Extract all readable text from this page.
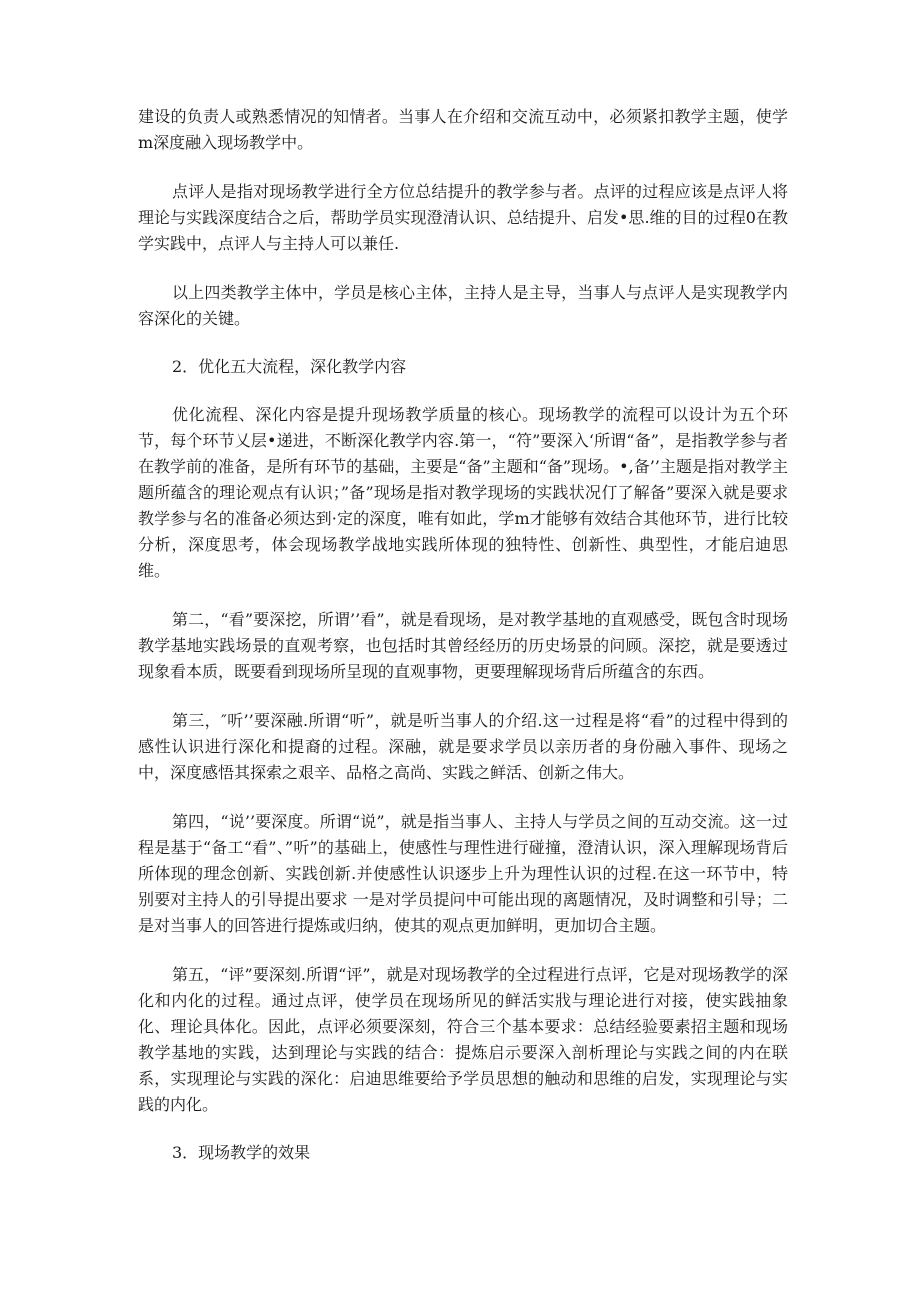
建设的负责人或熟悉情况的知情者。当事人在介绍和交流互动中，必须紧扣教学主题，使学m深度融入现场教学中。

点评人是指对现场教学进行全方位总结提升的教学参与者。点评的过程应该是点评人将理论与实践深度结合之后，帮助学员实现澄清认识、总结提升、启发•思.维的目的过程0在教学实践中，点评人与主持人可以兼任.

以上四类教学主体中，学员是核心主体，主持人是主导，当事人与点评人是实现教学内容深化的关键。

2．优化五大流程，深化教学内容

优化流程、深化内容是提升现场教学质量的核心。现场教学的流程可以设计为五个环节，每个环节乂层•递进，不断深化教学内容.第一，“符”要深入‘所谓“备”，是指教学参与者在教学前的准备，是所有环节的基础，主要是“备”主题和“备”现场。•,备’’主题是指对教学主题所蕴含的理论观点有认识；”备”现场是指对教学现场的实践状况仃了解备”要深入就是要求教学参与名的准备必须达到·定的深度，唯有如此，学m才能够有效结合其他环节，进行比较分析，深度思考，体会现场教学战地实践所体现的独特性、创新性、典型性，才能启迪思维。

第二，“看”要深挖，所谓’’看”，就是看现场，是对教学基地的直观感受，既包含时现场教学基地实践场景的直观考察，也包括时其曾经经历的历史场景的问顾。深挖，就是要透过现象看本质，既要看到现场所呈现的直观事物，更要理解现场背后所蕴含的东西。

第三，″听’’要深融.所谓“听”，就是听当事人的介绍.这一过程是将“看”的过程中得到的感性认识进行深化和提裔的过程。深融，就是要求学员以亲历者的身份融入事件、现场之中，深度感悟其探索之艰辛、品格之高尚、实践之鲜活、创新之伟大。

第四，“说’’要深度。所谓“说”，就是指当事人、主持人与学员之间的互动交流。这一过程是基于“备工“看”、”听”的基础上，使感性与理性进行碰撞，澄清认识，深入理解现场背后所体现的理念创新、实践创新.并使感性认识逐步上升为理性认识的过程.在这一环节中，特别要对主持人的引导提出要求 一是对学员提问中可能出现的离题情况，及时调整和引导；二是对当事人的回答进行提炼或归纳，使其的观点更加鲜明，更加切合主题。

第五，“评”要深刻.所谓“评”，就是对现场教学的全过程进行点评，它是对现场教学的深化和内化的过程。通过点评，使学员在现场所见的鲜活实戕与理论进行对接，使实践抽象化、理论具体化。因此，点评必须要深刻，符合三个基本要求：总结经验要素招主题和现场教学基地的实践，达到理论与实践的结合：提炼启示要深入剖析理论与实践之间的内在联系，实现理论与实践的深化：启迪思维要给予学员思想的触动和思维的启发，实现理论与实践的内化。

3．现场教学的效果
